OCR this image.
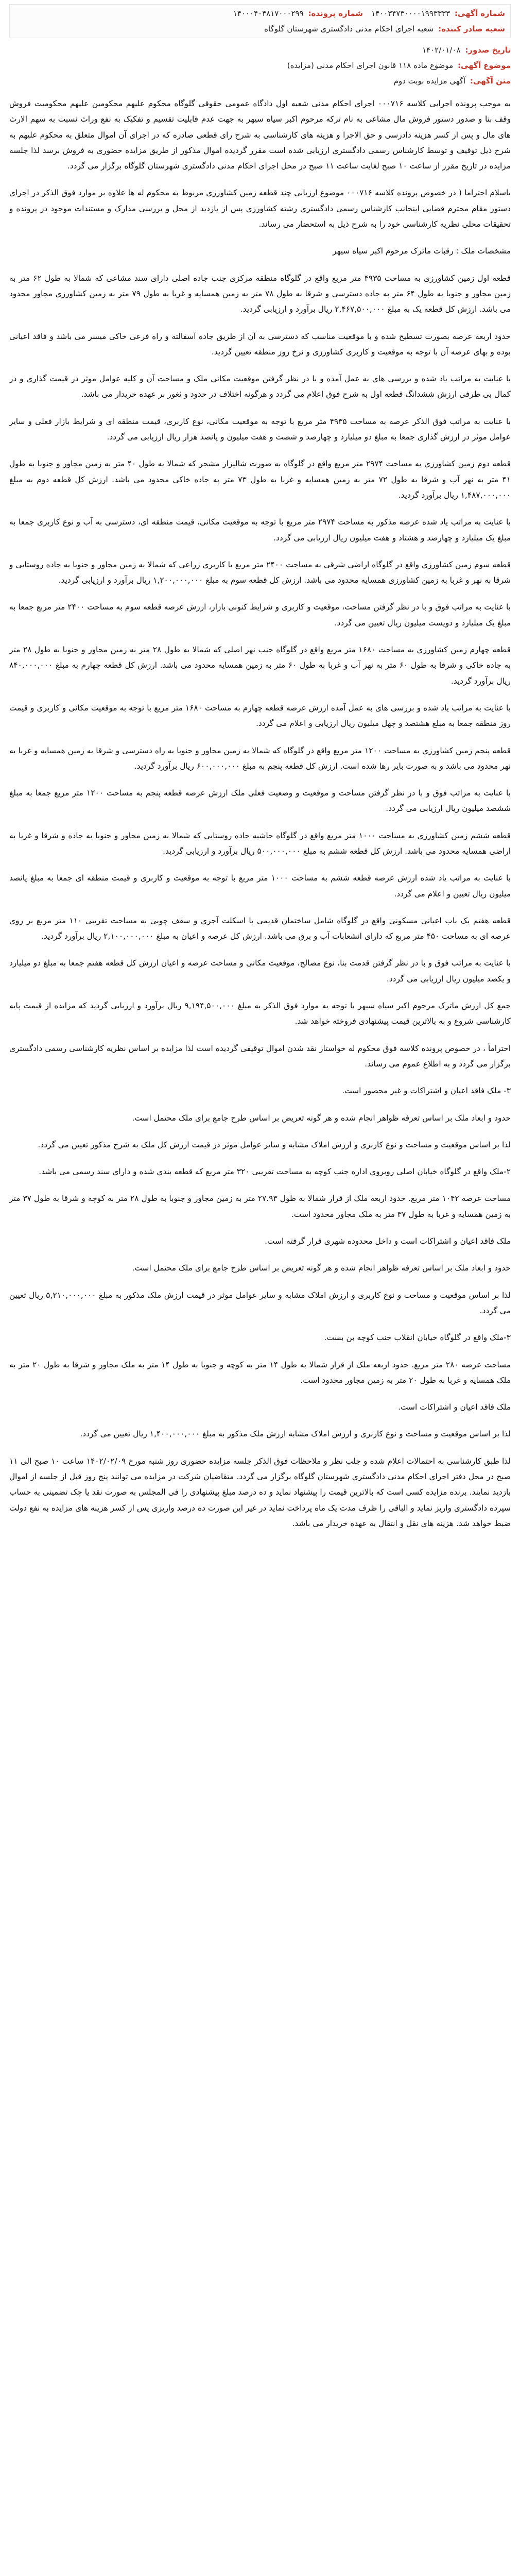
شماره آگهی: ۱۴۰۰۳۴۷۳۰۰۰۰۱۹۹۳۳۳۳
شماره پرونده: ۱۴۰۰۰۴۰۴۸۱۷۰۰۰۲۹۹
شعبه صادر کننده: شعبه اجرای احکام مدنی دادگستری شهرستان گلوگاه
تاریخ صدور: ۱۴۰۲/۰۱/۰۸
موضوع آگهی: موضوع ماده ۱۱۸ قانون اجرای احکام مدنی (مزایده)
متن آگهی: آگهی مزایده نوبت دوم

به موجب پرونده اجرایی کلاسه ۰۰۰۷۱۶ اجرای احکام مدنی شعبه اول دادگاه عمومی حقوقی گلوگاه محکوم علیهم محکومین علیهم محکومیت فروش وقف بنا و صدور دستور فروش مال مشاعی به نام ترکه مرحوم اکبر سیاه سیهر به جهت عدم قابلیت تقسیم و تفکیک به نفع وراث نسبت به سهم الارث های مال و پس از کسر هزینه دادرسی و حق الاجرا و هزینه های کارشناسی به شرح رای قطعی صادره که در اجرای آن اموال متعلق به محکوم علیهم به شرح ذیل توقیف و توسط کارشناس رسمی دادگستری ارزیابی شده است مقرر گردیده اموال مذکور از طریق مزایده حضوری به فروش برسد لذا جلسه مزایده در تاریخ مقرر از ساعت ۱۰ صبح لغایت ساعت ۱۱ صبح در محل اجرای احکام مدنی دادگستری شهرستان گلوگاه برگزار می گردد.

باسلام احتراما ( در خصوص پرونده کلاسه ۰۰۰۷۱۶ موضوع ارزیابی چند قطعه زمین کشاورزی مربوط به محکوم له ها علاوه بر موارد فوق الذکر در اجرای دستور مقام محترم قضایی اینجانب کارشناس رسمی دادگستری رشته کشاورزی پس از بازدید از محل و بررسی مدارک و مستندات موجود در پرونده و تحقیقات محلی نظریه کارشناسی خود را به شرح ذیل به استحضار می رساند.

مشخصات ملک : رقبات ماترک مرحوم اکبر سیاه سیهر

قطعه اول زمین کشاورزی به مساحت ۴۹۳۵ متر مربع واقع در گلوگاه منطقه مرکزی جنب جاده اصلی دارای سند مشاعی که شمالا به طول ۶۲ متر به زمین مجاور و جنوبا به طول ۶۴ متر به جاده دسترسی و شرقا به طول ۷۸ متر به زمین همسایه و غربا به طول ۷۹ متر به زمین کشاورزی مجاور محدود می باشد. ارزش کل قطعه یک به مبلغ ۲,۴۶۷,۵۰۰,۰۰۰ ریال برآورد و ارزیابی گردید.

حدود اربعه عرصه بصورت تسطیح شده و با موقعیت مناسب که دسترسی به آن از طریق جاده آسفالته و راه فرعی خاکی میسر می باشد و فاقد اعیانی بوده و بهای عرصه آن با توجه به موقعیت و کاربری کشاورزی و نرخ روز منطقه تعیین گردید.

با عنایت به مراتب یاد شده و بررسی های به عمل آمده و با در نظر گرفتن موقعیت مکانی ملک و مساحت آن و کلیه عوامل موثر در قیمت گذاری و در کمال بی طرفی ارزش ششدانگ قطعه اول به شرح فوق اعلام می گردد و هرگونه اختلاف در حدود و ثغور بر عهده خریدار می باشد.

با عنایت به مراتب فوق الذکر عرصه به مساحت ۴۹۳۵ متر مربع با توجه به موقعیت مکانی، نوع کاربری، قیمت منطقه ای و شرایط بازار فعلی و سایر عوامل موثر در ارزش گذاری جمعا به مبلغ دو میلیارد و چهارصد و شصت و هفت میلیون و پانصد هزار ریال ارزیابی می گردد.

قطعه دوم زمین کشاورزی به مساحت ۲۹۷۴ متر مربع واقع در گلوگاه به صورت شالیزار مشجر که شمالا به طول ۴۰ متر به زمین مجاور و جنوبا به طول ۴۱ متر به نهر آب و شرقا به طول ۷۲ متر به زمین همسایه و غربا به طول ۷۳ متر به جاده خاکی محدود می باشد. ارزش کل قطعه دوم به مبلغ ۱,۴۸۷,۰۰۰,۰۰۰ ریال برآورد گردید.

با عنایت به مراتب یاد شده عرصه مذکور به مساحت ۲۹۷۴ متر مربع با توجه به موقعیت مکانی، قیمت منطقه ای، دسترسی به آب و نوع کاربری جمعا به مبلغ یک میلیارد و چهارصد و هشتاد و هفت میلیون ریال ارزیابی می گردد.

قطعه سوم زمین کشاورزی واقع در گلوگاه اراضی شرقی به مساحت ۲۴۰۰ متر مربع با کاربری زراعی که شمالا به زمین مجاور و جنوبا به جاده روستایی و شرقا به نهر و غربا به زمین کشاورزی همسایه محدود می باشد. ارزش کل قطعه سوم به مبلغ ۱,۲۰۰,۰۰۰,۰۰۰ ریال برآورد و ارزیابی گردید.

با عنایت به مراتب فوق و با در نظر گرفتن مساحت، موقعیت و کاربری و شرایط کنونی بازار، ارزش عرصه قطعه سوم به مساحت ۲۴۰۰ متر مربع جمعا به مبلغ یک میلیارد و دویست میلیون ریال تعیین می گردد.

قطعه چهارم زمین کشاورزی به مساحت ۱۶۸۰ متر مربع واقع در گلوگاه جنب نهر اصلی که شمالا به طول ۲۸ متر به زمین مجاور و جنوبا به طول ۲۸ متر به جاده خاکی و شرقا به طول ۶۰ متر به نهر آب و غربا به طول ۶۰ متر به زمین همسایه محدود می باشد. ارزش کل قطعه چهارم به مبلغ ۸۴۰,۰۰۰,۰۰۰ ریال برآورد گردید.

با عنایت به مراتب یاد شده و بررسی های به عمل آمده ارزش عرصه قطعه چهارم به مساحت ۱۶۸۰ متر مربع با توجه به موقعیت مکانی و کاربری و قیمت روز منطقه جمعا به مبلغ هشتصد و چهل میلیون ریال ارزیابی و اعلام می گردد.

قطعه پنجم زمین کشاورزی به مساحت ۱۲۰۰ متر مربع واقع در گلوگاه که شمالا به زمین مجاور و جنوبا به راه دسترسی و شرقا به زمین همسایه و غربا به نهر محدود می باشد و به صورت بایر رها شده است. ارزش کل قطعه پنجم به مبلغ ۶۰۰,۰۰۰,۰۰۰ ریال برآورد گردید.

با عنایت به مراتب فوق و با در نظر گرفتن مساحت و موقعیت و وضعیت فعلی ملک ارزش عرصه قطعه پنجم به مساحت ۱۲۰۰ متر مربع جمعا به مبلغ ششصد میلیون ریال ارزیابی می گردد.

قطعه ششم زمین کشاورزی به مساحت ۱۰۰۰ متر مربع واقع در گلوگاه حاشیه جاده روستایی که شمالا به زمین مجاور و جنوبا به جاده و شرقا و غربا به اراضی همسایه محدود می باشد. ارزش کل قطعه ششم به مبلغ ۵۰۰,۰۰۰,۰۰۰ ریال برآورد و ارزیابی گردید.

با عنایت به مراتب یاد شده ارزش عرصه قطعه ششم به مساحت ۱۰۰۰ متر مربع با توجه به موقعیت و کاربری و قیمت منطقه ای جمعا به مبلغ پانصد میلیون ریال تعیین و اعلام می گردد.

قطعه هفتم یک باب اعیانی مسکونی واقع در گلوگاه شامل ساختمان قدیمی با اسکلت آجری و سقف چوبی به مساحت تقریبی ۱۱۰ متر مربع بر روی عرصه ای به مساحت ۴۵۰ متر مربع که دارای انشعابات آب و برق می باشد. ارزش کل عرصه و اعیان به مبلغ ۲,۱۰۰,۰۰۰,۰۰۰ ریال برآورد گردید.

با عنایت به مراتب فوق و با در نظر گرفتن قدمت بنا، نوع مصالح، موقعیت مکانی و مساحت عرصه و اعیان ارزش کل قطعه هفتم جمعا به مبلغ دو میلیارد و یکصد میلیون ریال ارزیابی می گردد.

جمع کل ارزش ماترک مرحوم اکبر سیاه سیهر با توجه به موارد فوق الذکر به مبلغ ۹,۱۹۴,۵۰۰,۰۰۰ ریال برآورد و ارزیابی گردید که مزایده از قیمت پایه کارشناسی شروع و به بالاترین قیمت پیشنهادی فروخته خواهد شد.

احتراماً ، در خصوص پرونده کلاسه فوق محکوم له خواستار نقد شدن اموال توقیفی گردیده است لذا مزایده بر اساس نظریه کارشناسی رسمی دادگستری برگزار می گردد و به اطلاع عموم می رساند.

۳- ملک فاقد اعیان و اشتراکات و غیر محصور است.

حدود و ابعاد ملک بر اساس تعرفه ظواهر انجام شده و هر گونه تعریض بر اساس طرح جامع برای ملک محتمل است.

لذا بر اساس موقعیت و مساحت و نوع کاربری و ارزش املاک مشابه و سایر عوامل موثر در قیمت ارزش کل ملک به شرح مذکور تعیین می گردد.

۲-ملک واقع در گلوگاه خیابان اصلی روبروی اداره جنب کوچه به مساحت تقریبی ۳۲۰ متر مربع که قطعه بندی شده و دارای سند رسمی می باشد.

مساحت عرصه ۱۰۴۲ متر مربع. حدود اربعه ملک از قرار شمالا به طول ۲۷.۹۳ متر به زمین مجاور و جنوبا به طول ۲۸ متر به کوچه و شرقا به طول ۳۷ متر به زمین همسایه و غربا به طول ۳۷ متر به ملک مجاور محدود است.

ملک فاقد اعیان و اشتراکات است و داخل محدوده شهری قرار گرفته است.

حدود و ابعاد ملک بر اساس تعرفه ظواهر انجام شده و هر گونه تعریض بر اساس طرح جامع برای ملک محتمل است.

لذا بر اساس موقعیت و مساحت و نوع کاربری و ارزش املاک مشابه و سایر عوامل موثر در قیمت ارزش ملک مذکور به مبلغ ۵,۲۱۰,۰۰۰,۰۰۰ ریال تعیین می گردد.

۳-ملک واقع در گلوگاه خیابان انقلاب جنب کوچه بن بست.

مساحت عرصه ۲۸۰ متر مربع. حدود اربعه ملک از قرار شمالا به طول ۱۴ متر به کوچه و جنوبا به طول ۱۴ متر به ملک مجاور و شرقا به طول ۲۰ متر به ملک همسایه و غربا به طول ۲۰ متر به زمین مجاور محدود است.

ملک فاقد اعیان و اشتراکات است.

لذا بر اساس موقعیت و مساحت و نوع کاربری و ارزش املاک مشابه ارزش ملک مذکور به مبلغ ۱,۴۰۰,۰۰۰,۰۰۰ ریال تعیین می گردد.

لذا طبق کارشناسی به احتمالات اعلام شده و جلب نظر و ملاحظات فوق الذکر جلسه مزایده حضوری روز شنبه مورخ ۱۴۰۲/۰۲/۰۹ ساعت ۱۰ صبح الی ۱۱ صبح در محل دفتر اجرای احکام مدنی دادگستری شهرستان گلوگاه برگزار می گردد. متقاضیان شرکت در مزایده می توانند پنج روز قبل از جلسه از اموال بازدید نمایند. برنده مزایده کسی است که بالاترین قیمت را پیشنهاد نماید و ده درصد مبلغ پیشنهادی را فی المجلس به صورت نقد یا چک تضمینی به حساب سپرده دادگستری واریز نماید و الباقی را ظرف مدت یک ماه پرداخت نماید در غیر این صورت ده درصد واریزی پس از کسر هزینه های مزایده به نفع دولت ضبط خواهد شد. هزینه های نقل و انتقال به عهده خریدار می باشد.
